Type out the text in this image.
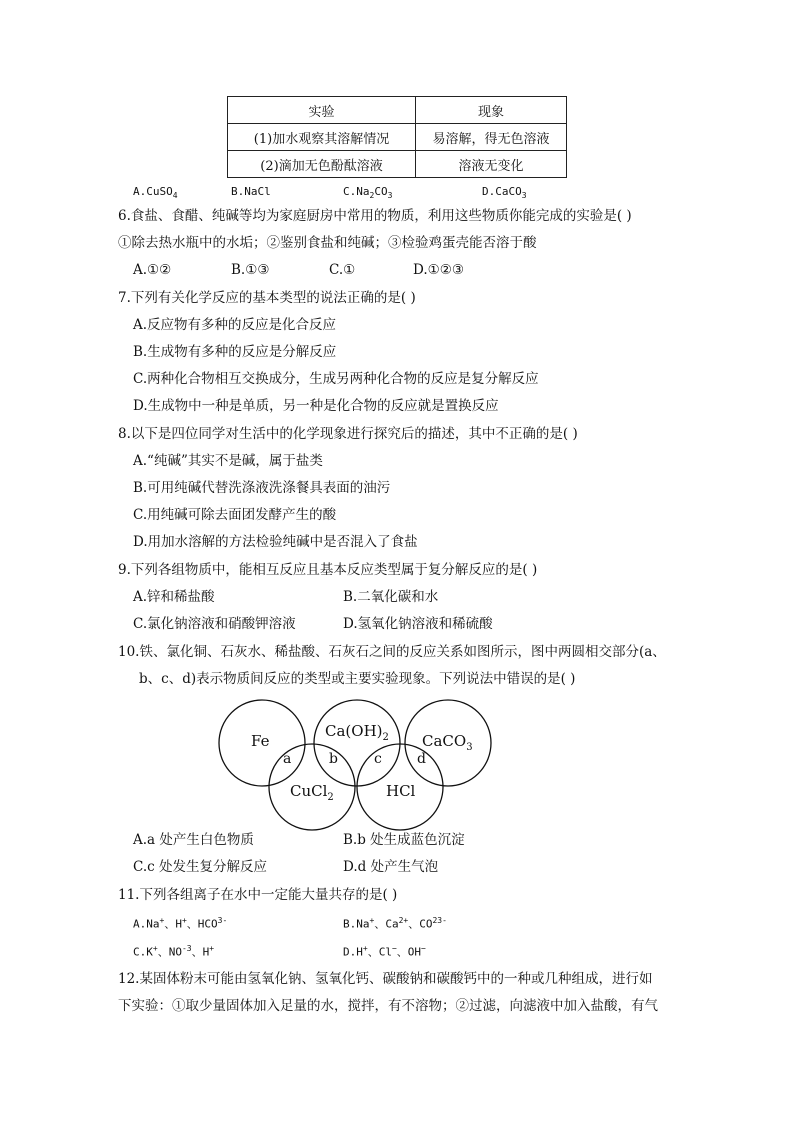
实验	现象
(1)加水观察其溶解情况	易溶解，得无色溶液
(2)滴加无色酚酞溶液	溶液无变化
A.CuSO$_4$	B.NaCl	$C.Na_2CO_3$	D.CaCO$_3$
6.食盐、食醋、纯碱等均为家庭厨房中常用的物质，利用这些物质你能完成的实验是( )
①除去热水瓶中的水垢；②鉴别食盐和纯碱；③检验鸡蛋壳能否溶于酸
A.①②	B.①③	C.①	D.①②③
7.下列有关化学反应的基本类型的说法正确的是( )
A.反应物有多种的反应是化合反应
B.生成物有多种的反应是分解反应
C.两种化合物相互交换成分，生成另两种化合物的反应是复分解反应
D.生成物中一种是单质，另一种是化合物的反应就是置换反应
8.以下是四位同学对生活中的化学现象进行探究后的描述，其中不正确的是( )
A.“纯碱”其实不是碱，属于盐类
B.可用纯碱代替洗涤液洗涤餐具表面的油污
C.用纯碱可除去面团发酵产生的酸
D.用加水溶解的方法检验纯碱中是否混入了食盐
9.下列各组物质中，能相互反应且基本反应类型属于复分解反应的是( )
A.锌和稀盐酸	B.二氧化碳和水
C.氯化钠溶液和硝酸钾溶液	D.氢氧化钠溶液和稀硫酸
10.铁、氯化铜、石灰水、稀盐酸、石灰石之间的反应关系如图所示，图中两圆相交部分(a、
b、c、d)表示物质间反应的类型或主要实验现象。下列说法中错误的是( )
Fe
$Ca(OH)_2$ CaCO$_3$
CuCl$_2$	HCl
a	b	c	d
A.a 处产生白色物质	B.b 处生成蓝色沉淀
C.c 处发生复分解反应	D.d 处产生气泡
11.下列各组离子在水中一定能大量共存的是( )
A.Na+、H+、$HCO^{3-}$	B.Na+、$Ca^{2+}$、$CO^{23-}$
C.K+、$NO^{-3}$、H+	D.H+、Cl−、OH−
12.某固体粉末可能由氢氧化钠、氢氧化钙、碳酸钠和碳酸钙中的一种或几种组成，进行如
下实验：①取少量固体加入足量的水，搅拌，有不溶物；②过滤，向滤液中加入盐酸，有气
